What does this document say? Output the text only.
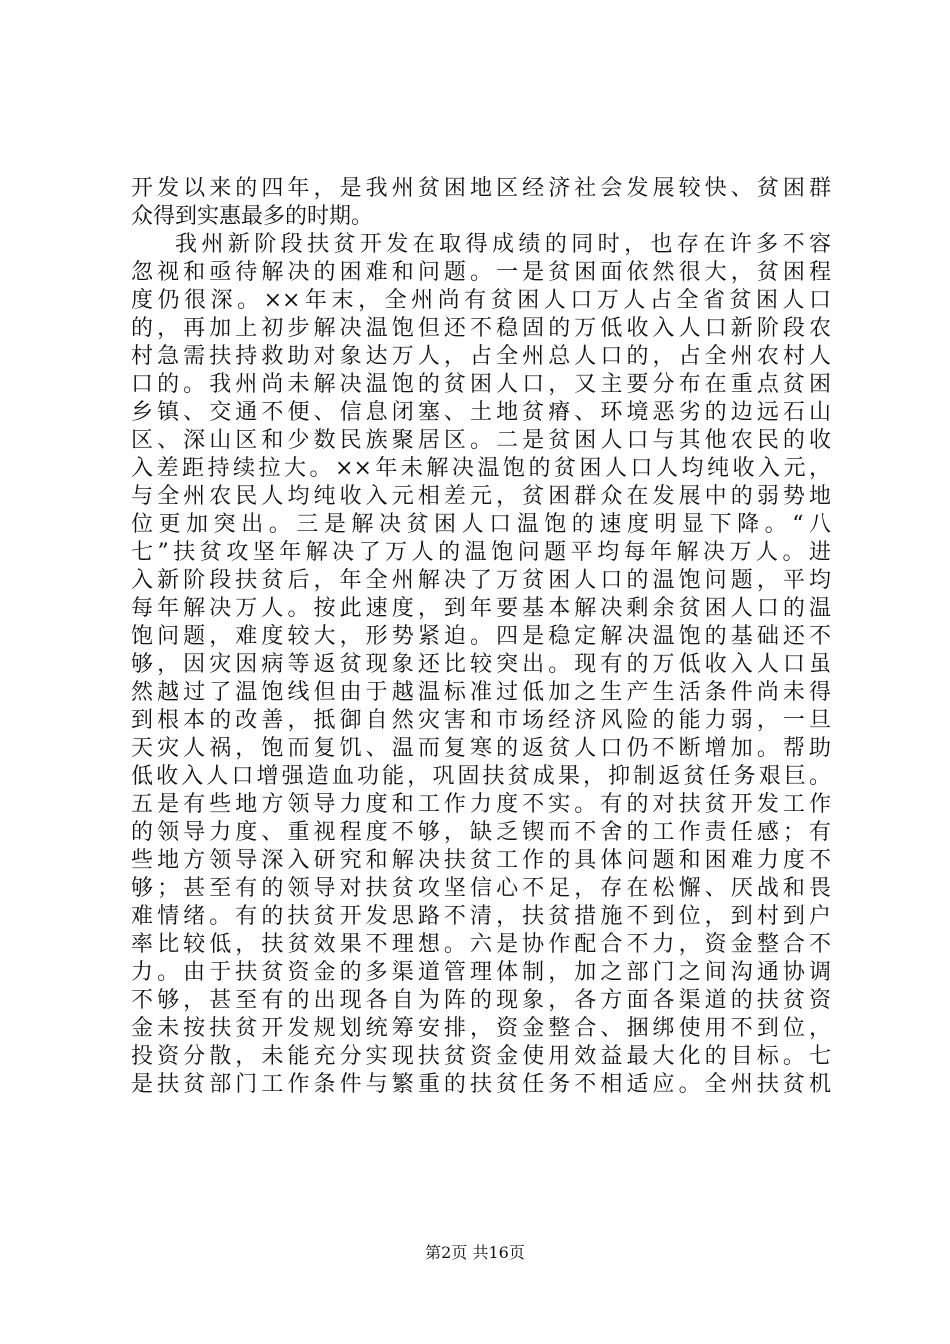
开发以来的四年，是我州贫困地区经济社会发展较快、贫困群
众得到实惠最多的时期。
我州新阶段扶贫开发在取得成绩的同时，也存在许多不容
忽视和亟待解决的困难和问题。一是贫困面依然很大，贫困程
度仍很深。××年末，全州尚有贫困人口万人占全省贫困人口
的，再加上初步解决温饱但还不稳固的万低收入人口新阶段农
村急需扶持救助对象达万人，占全州总人口的，占全州农村人
口的。我州尚未解决温饱的贫困人口，又主要分布在重点贫困
乡镇、交通不便、信息闭塞、土地贫瘠、环境恶劣的边远石山
区、深山区和少数民族聚居区。二是贫困人口与其他农民的收
入差距持续拉大。××年未解决温饱的贫困人口人均纯收入元，
与全州农民人均纯收入元相差元，贫困群众在发展中的弱势地
位更加突出。三是解决贫困人口温饱的速度明显下降。“八
七”扶贫攻坚年解决了万人的温饱问题平均每年解决万人。进
入新阶段扶贫后，年全州解决了万贫困人口的温饱问题，平均
每年解决万人。按此速度，到年要基本解决剩余贫困人口的温
饱问题，难度较大，形势紧迫。四是稳定解决温饱的基础还不
够，因灾因病等返贫现象还比较突出。现有的万低收入人口虽
然越过了温饱线但由于越温标准过低加之生产生活条件尚未得
到根本的改善，抵御自然灾害和市场经济风险的能力弱，一旦
天灾人祸，饱而复饥、温而复寒的返贫人口仍不断增加。帮助
低收入人口增强造血功能，巩固扶贫成果，抑制返贫任务艰巨。
五是有些地方领导力度和工作力度不实。有的对扶贫开发工作
的领导力度、重视程度不够，缺乏锲而不舍的工作责任感；有
些地方领导深入研究和解决扶贫工作的具体问题和困难力度不
够；甚至有的领导对扶贫攻坚信心不足，存在松懈、厌战和畏
难情绪。有的扶贫开发思路不清，扶贫措施不到位，到村到户
率比较低，扶贫效果不理想。六是协作配合不力，资金整合不
力。由于扶贫资金的多渠道管理体制，加之部门之间沟通协调
不够，甚至有的出现各自为阵的现象，各方面各渠道的扶贫资
金未按扶贫开发规划统筹安排，资金整合、捆绑使用不到位，
投资分散，未能充分实现扶贫资金使用效益最大化的目标。七
是扶贫部门工作条件与繁重的扶贫任务不相适应。全州扶贫机
第2页 共16页
